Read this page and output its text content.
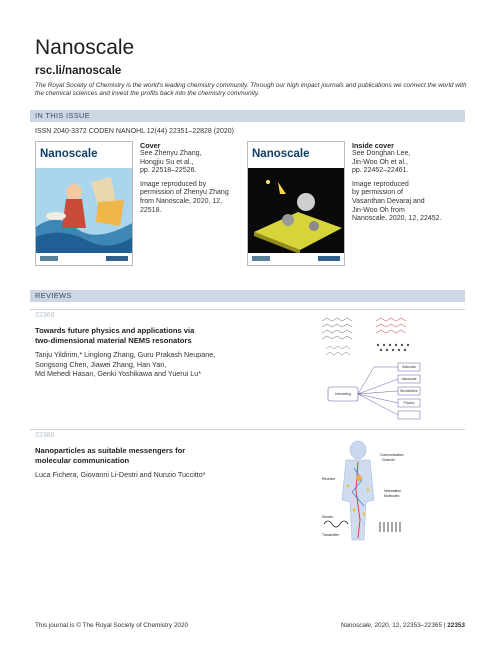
Nanoscale
rsc.li/nanoscale
The Royal Society of Chemistry is the world's leading chemistry community. Through our high impact journals and publications we connect the world with the chemical sciences and invest the profits back into the chemistry community.
IN THIS ISSUE
ISSN 2040-3372 CODEN NANOHL 12(44) 22351–22828 (2020)
Nanoscale
Cover

See Zhenyu Zhang,

Hongjiu Su et al.,

pp. 22518–22526.

Image reproduced by

permission of Zhenyu Zhang

from Nanoscale, 2020, 12,

22518.

Nanoscale
Inside cover

See Donghan Lee,

Jin-Woo Oh et al.,

pp. 22452–22461.

Image reproduced

by permission of

Vasanthan Devaraj and

Jin-Woo Oh from

Nanoscale, 2020, 12, 22452.

REVIEWS
22366
Towards future physics and applications via
two-dimensional material NEMS resonators
Tanju Yildirim,* Linglong Zhang, Guru Prakash Neupane,
Songsong Chen, Jiawei Zhang, Han Yan,
Md Mehedi Hasan, Genki Yoshikawa and Yuerui Lu*
Interacting
Molecular
Nanoscale
Biomedicine
Physics
22386
Nanoparticles as suitable messengers for
molecular communication
Luca Fichera, Giovanni Li-Destri and Nunzio Tuccitto*
Communication
Channel
Receiver
Information
Molecules
Transmitter
Sender
This journal is © The Royal Society of Chemistry 2020	Nanoscale, 2020, 12, 22353–22365 | 22353
